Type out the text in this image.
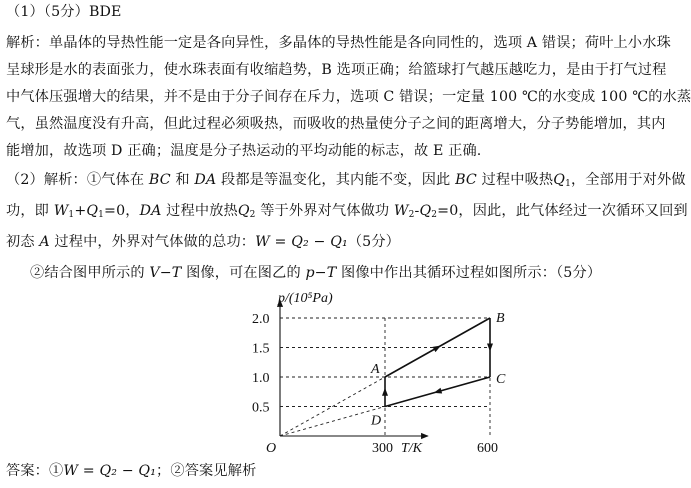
（1）（5分）BDE
解析：单晶体的导热性能一定是各向异性，多晶体的导热性能是各向同性的，选项 A 错误；荷叶上小水珠
呈球形是水的表面张力，使水珠表面有收缩趋势，B 选项正确；给篮球打气越压越吃力，是由于打气过程
中气体压强增大的结果，并不是由于分子间存在斥力，选项 C 错误；一定量 100 ℃的水变成 100 ℃的水蒸
气，虽然温度没有升高，但此过程必须吸热，而吸收的热量使分子之间的距离增大，分子势能增加，其内
能增加，故选项 D 正确；温度是分子热运动的平均动能的标志，故 E 正确.
（2）解析：①气体在 BC 和 DA 段都是等温变化，其内能不变，因此 BC 过程中吸热$Q_1$，全部用于对外做
功，即 $W_1+Q_1=0$，DA 过程中放热$Q_2$ 等于外界对气体做功 $W_2-Q_2=0$，因此，此气体经过一次循环又回到
初态 A 过程中，外界对气体做的总功：W = Q₂ − Q₁（5分）
②结合图甲所示的 V−T 图像，可在图乙的 p−T 图像中作出其循环过程如图所示：（5分）
p/(10⁵Pa)
T/K
O
2.0
1.5
1.0
0.5
300	600
A
B
C
D
答案：①W = Q₂ − Q₁；②答案见解析
